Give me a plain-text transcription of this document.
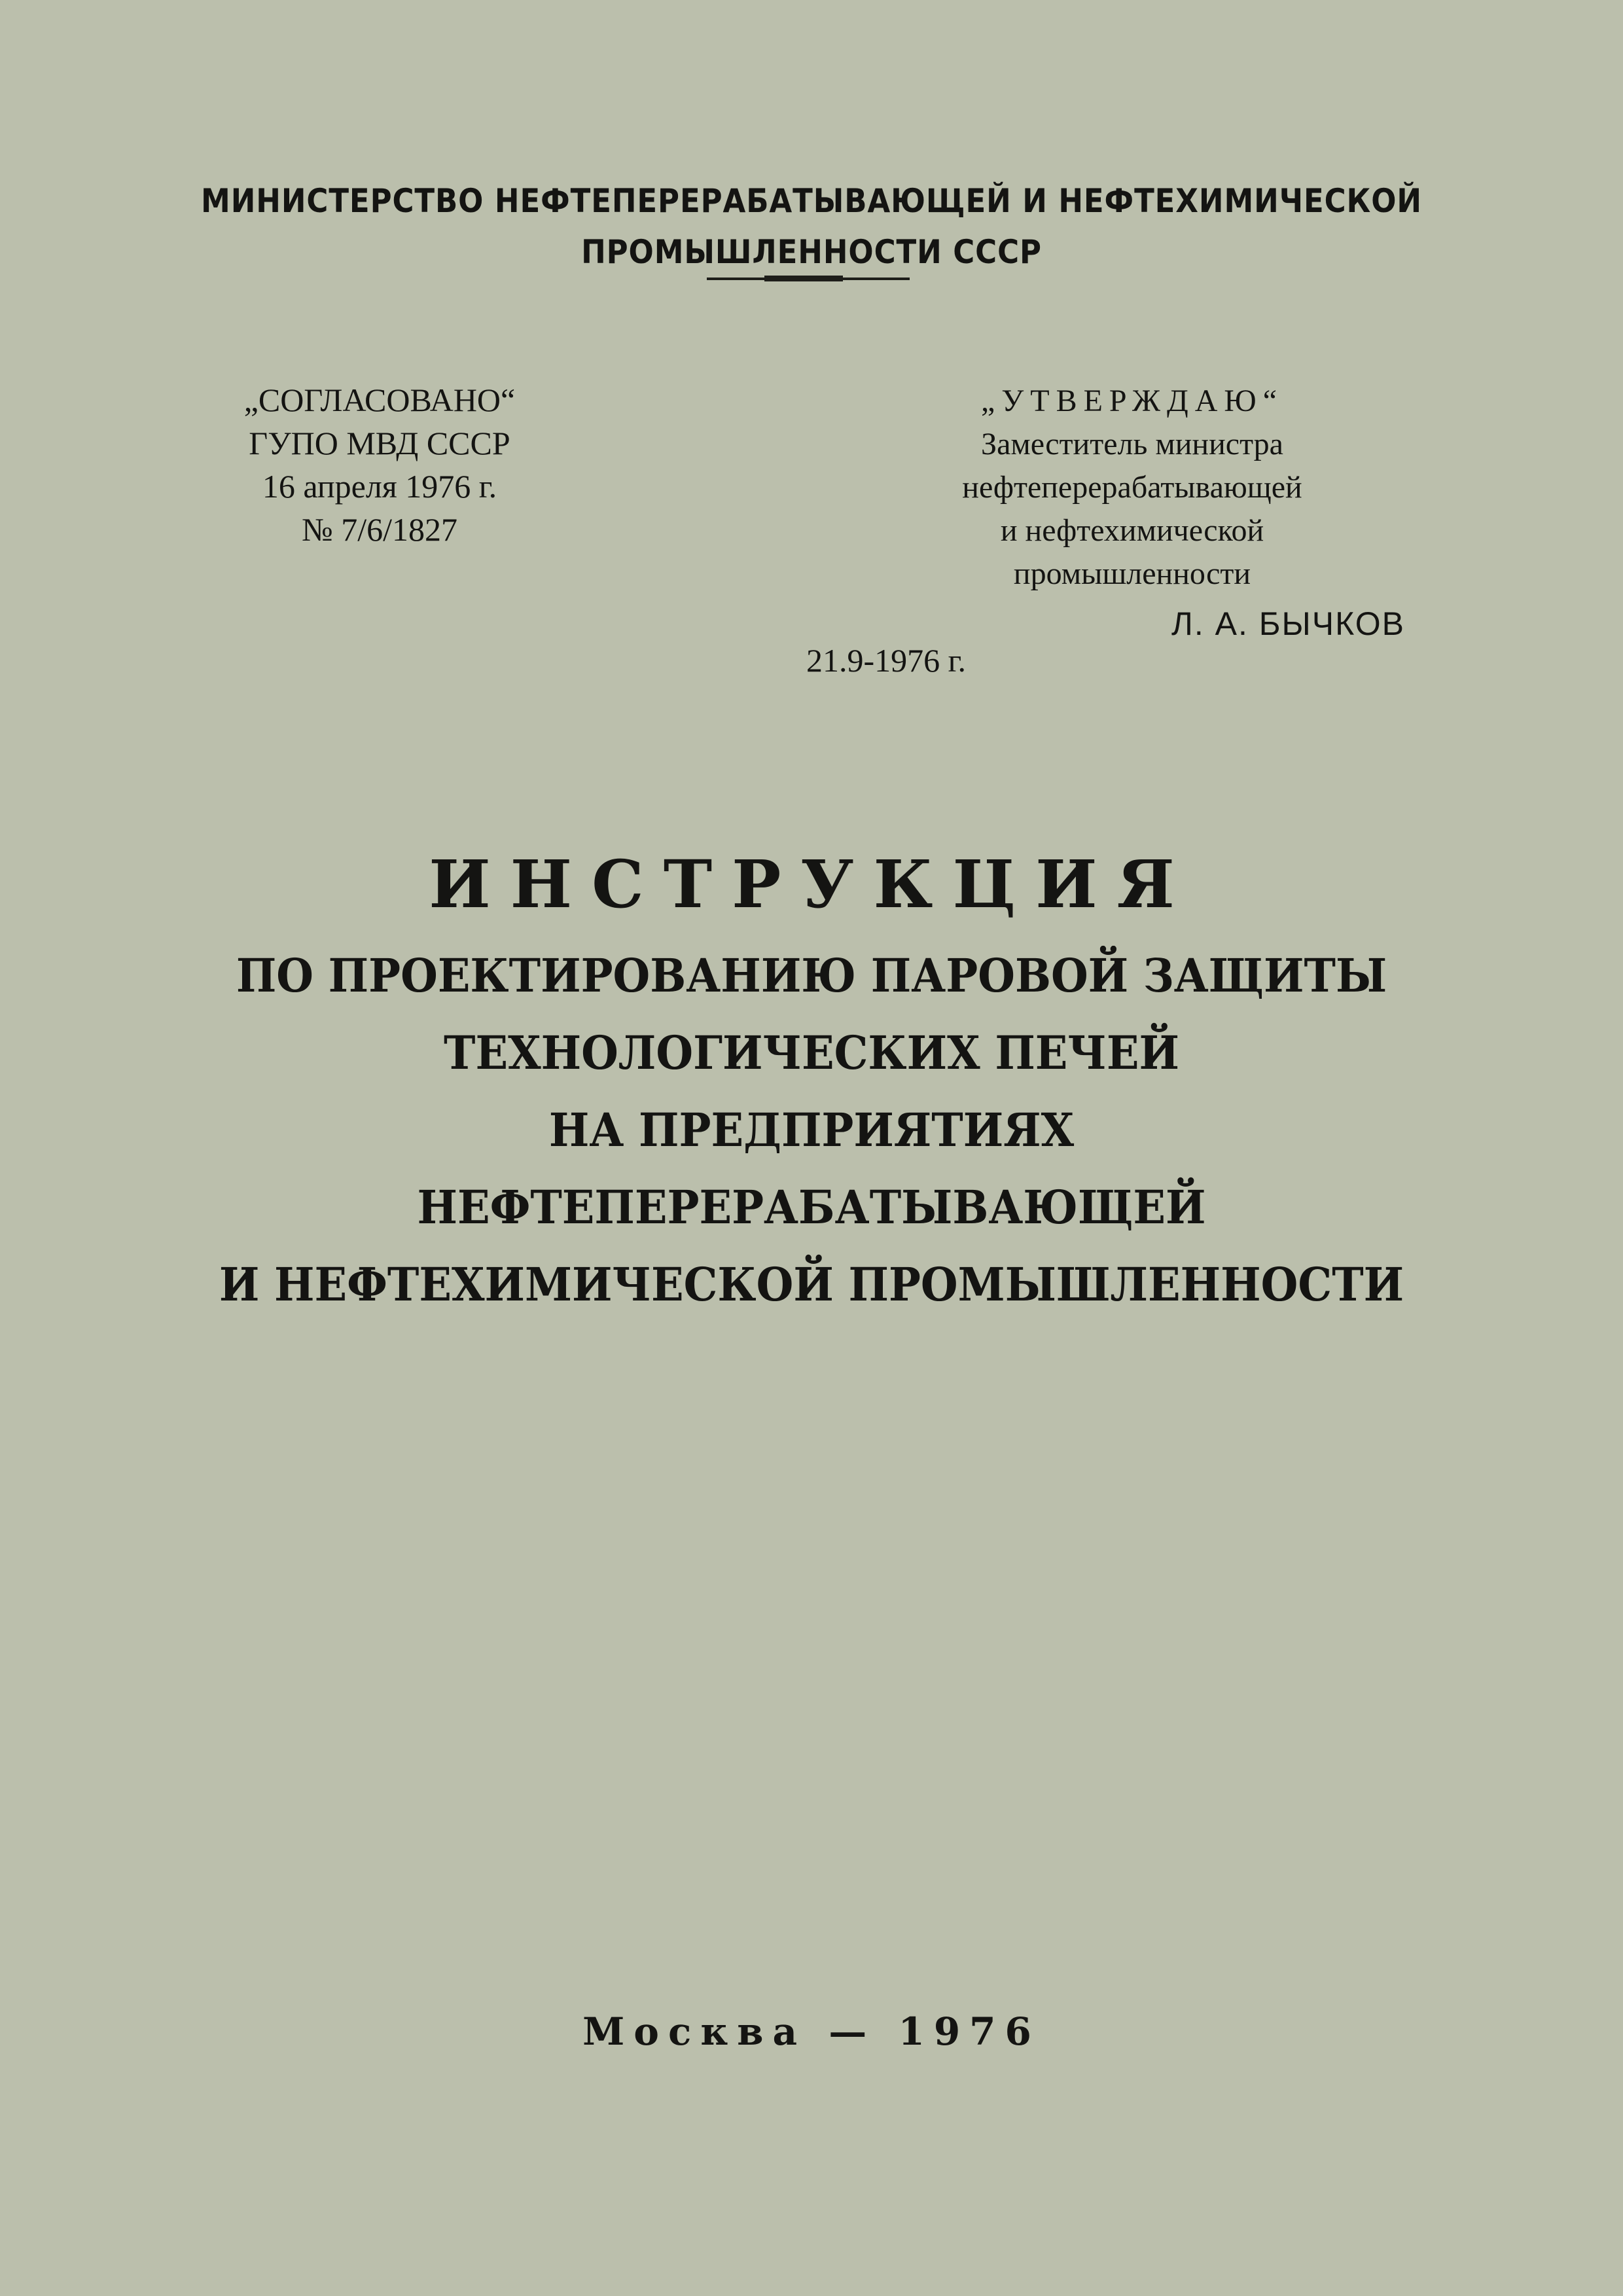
МИНИСТЕРСТВО НЕФТЕПЕРЕРАБАТЫВАЮЩЕЙ И НЕФТЕХИМИЧЕСКОЙ
ПРОМЫШЛЕННОСТИ СССР
„СОГЛАСОВАНО“
ГУПО МВД СССР
16 апреля 1976 г.
№ 7/6/1827
„УТВЕРЖДАЮ“
Заместитель министра
нефтеперерабатывающей
и нефтехимической
промышленности
Л. А. БЫЧКОВ
21.9-1976 г.
ИНСТРУКЦИЯ
ПО ПРОЕКТИРОВАНИЮ ПАРОВОЙ ЗАЩИТЫ
ТЕХНОЛОГИЧЕСКИХ ПЕЧЕЙ
НА ПРЕДПРИЯТИЯХ
НЕФТЕПЕРЕРАБАТЫВАЮЩЕЙ
И НЕФТЕХИМИЧЕСКОЙ ПРОМЫШЛЕННОСТИ
Москва — 1976
